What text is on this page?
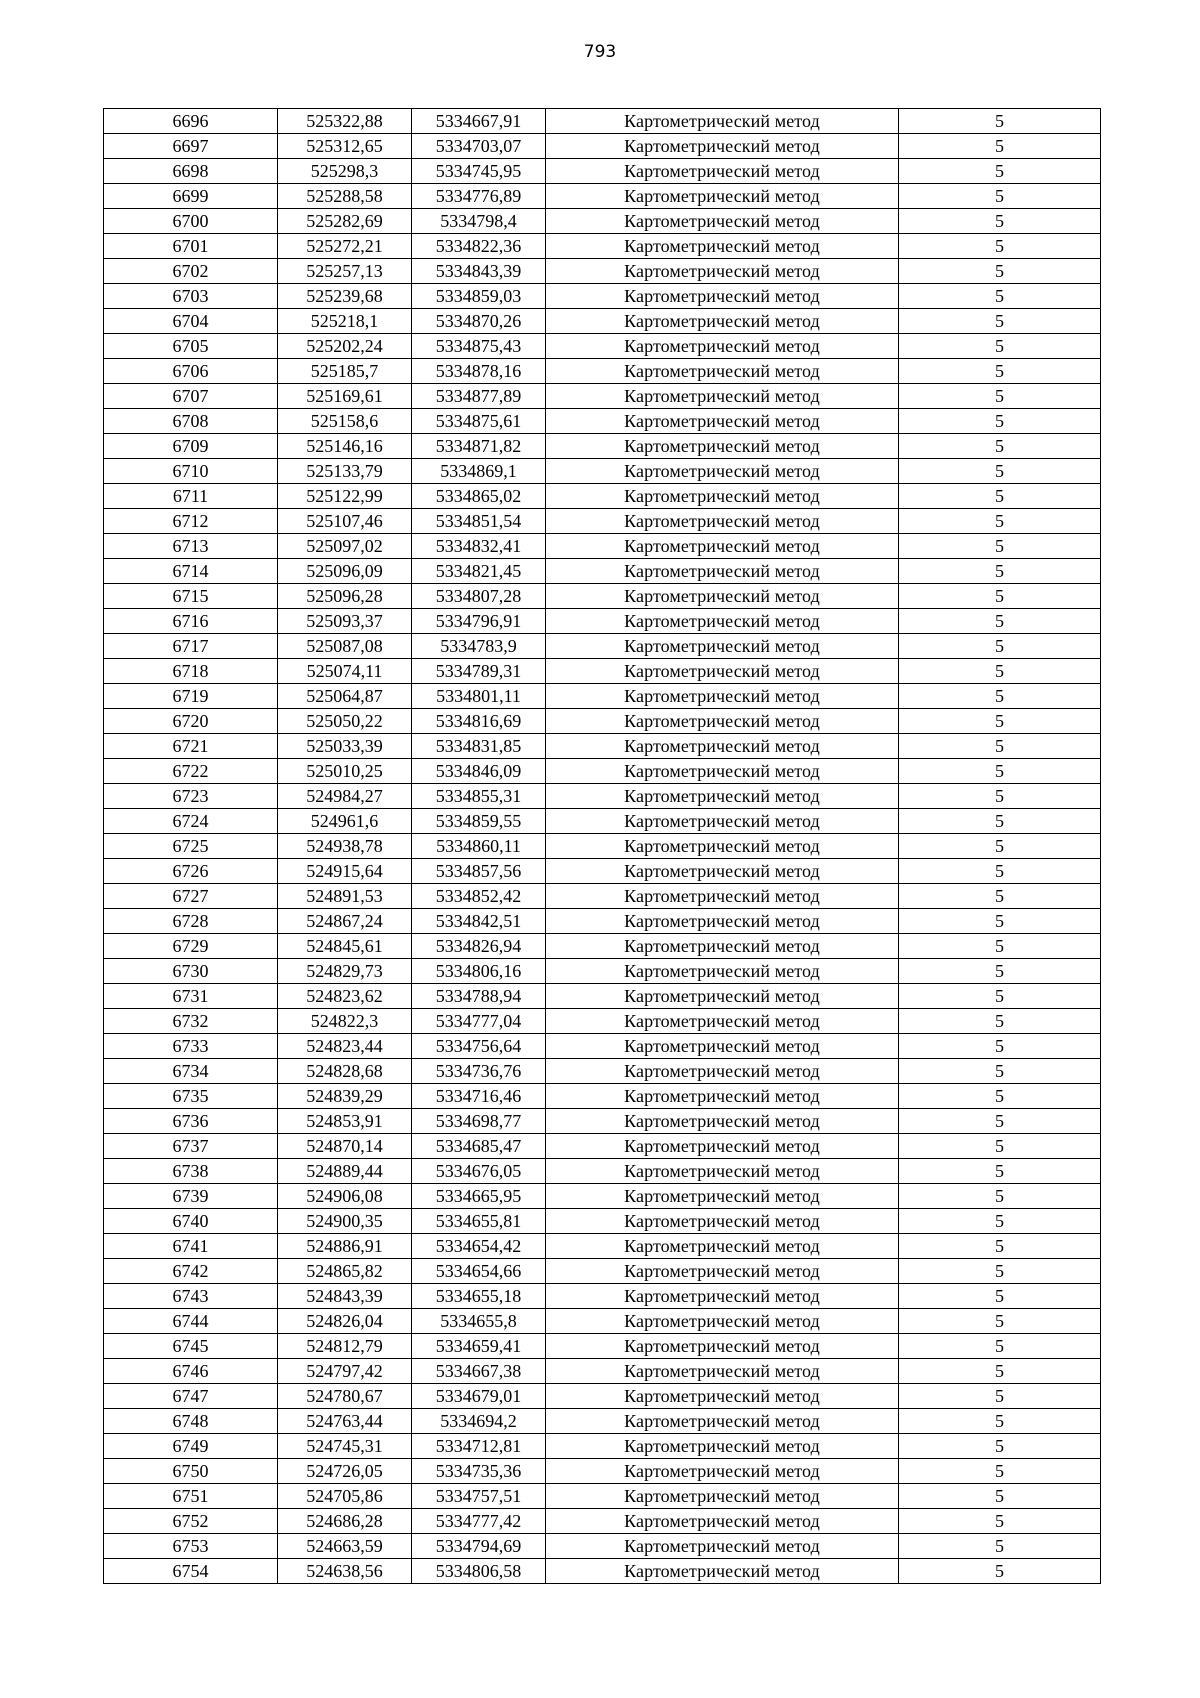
793
6696	525322,88	5334667,91	Картометрический метод	5
6697	525312,65	5334703,07	Картометрический метод	5
6698	525298,3	5334745,95	Картометрический метод	5
6699	525288,58	5334776,89	Картометрический метод	5
6700	525282,69	5334798,4	Картометрический метод	5
6701	525272,21	5334822,36	Картометрический метод	5
6702	525257,13	5334843,39	Картометрический метод	5
6703	525239,68	5334859,03	Картометрический метод	5
6704	525218,1	5334870,26	Картометрический метод	5
6705	525202,24	5334875,43	Картометрический метод	5
6706	525185,7	5334878,16	Картометрический метод	5
6707	525169,61	5334877,89	Картометрический метод	5
6708	525158,6	5334875,61	Картометрический метод	5
6709	525146,16	5334871,82	Картометрический метод	5
6710	525133,79	5334869,1	Картометрический метод	5
6711	525122,99	5334865,02	Картометрический метод	5
6712	525107,46	5334851,54	Картометрический метод	5
6713	525097,02	5334832,41	Картометрический метод	5
6714	525096,09	5334821,45	Картометрический метод	5
6715	525096,28	5334807,28	Картометрический метод	5
6716	525093,37	5334796,91	Картометрический метод	5
6717	525087,08	5334783,9	Картометрический метод	5
6718	525074,11	5334789,31	Картометрический метод	5
6719	525064,87	5334801,11	Картометрический метод	5
6720	525050,22	5334816,69	Картометрический метод	5
6721	525033,39	5334831,85	Картометрический метод	5
6722	525010,25	5334846,09	Картометрический метод	5
6723	524984,27	5334855,31	Картометрический метод	5
6724	524961,6	5334859,55	Картометрический метод	5
6725	524938,78	5334860,11	Картометрический метод	5
6726	524915,64	5334857,56	Картометрический метод	5
6727	524891,53	5334852,42	Картометрический метод	5
6728	524867,24	5334842,51	Картометрический метод	5
6729	524845,61	5334826,94	Картометрический метод	5
6730	524829,73	5334806,16	Картометрический метод	5
6731	524823,62	5334788,94	Картометрический метод	5
6732	524822,3	5334777,04	Картометрический метод	5
6733	524823,44	5334756,64	Картометрический метод	5
6734	524828,68	5334736,76	Картометрический метод	5
6735	524839,29	5334716,46	Картометрический метод	5
6736	524853,91	5334698,77	Картометрический метод	5
6737	524870,14	5334685,47	Картометрический метод	5
6738	524889,44	5334676,05	Картометрический метод	5
6739	524906,08	5334665,95	Картометрический метод	5
6740	524900,35	5334655,81	Картометрический метод	5
6741	524886,91	5334654,42	Картометрический метод	5
6742	524865,82	5334654,66	Картометрический метод	5
6743	524843,39	5334655,18	Картометрический метод	5
6744	524826,04	5334655,8	Картометрический метод	5
6745	524812,79	5334659,41	Картометрический метод	5
6746	524797,42	5334667,38	Картометрический метод	5
6747	524780,67	5334679,01	Картометрический метод	5
6748	524763,44	5334694,2	Картометрический метод	5
6749	524745,31	5334712,81	Картометрический метод	5
6750	524726,05	5334735,36	Картометрический метод	5
6751	524705,86	5334757,51	Картометрический метод	5
6752	524686,28	5334777,42	Картометрический метод	5
6753	524663,59	5334794,69	Картометрический метод	5
6754	524638,56	5334806,58	Картометрический метод	5
